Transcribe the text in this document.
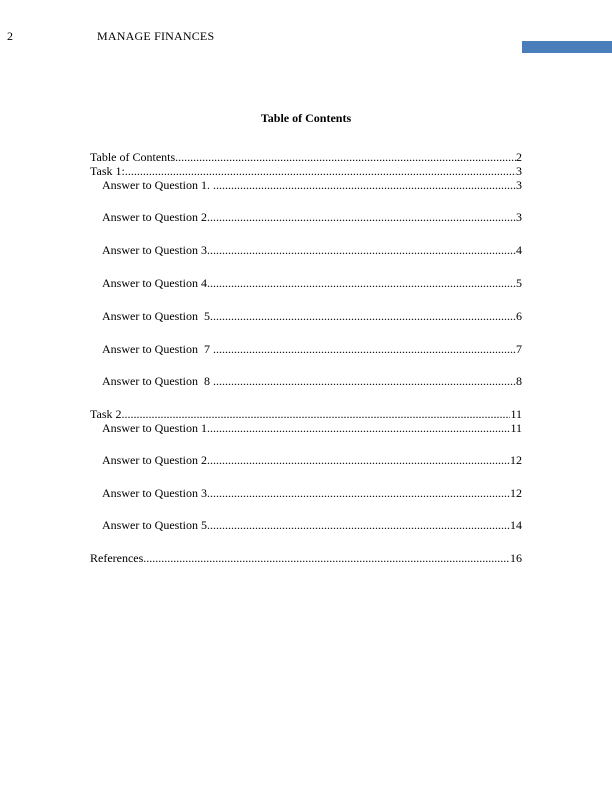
2	MANAGE FINANCES
Table of Contents
Table of Contents .....	2
Task 1: .....	3
Answer to Question 1. .....	3
Answer to Question 2 .....	3
Answer to Question 3 .....	4
Answer to Question 4 .....	5
Answer to Question  5 .....	6
Answer to Question  7 .....	7
Answer to Question  8 .....	8
Task 2 .....	11
Answer to Question 1 .....	11
Answer to Question 2 .....	12
Answer to Question 3 .....	12
Answer to Question 5 .....	14
References .....	16
